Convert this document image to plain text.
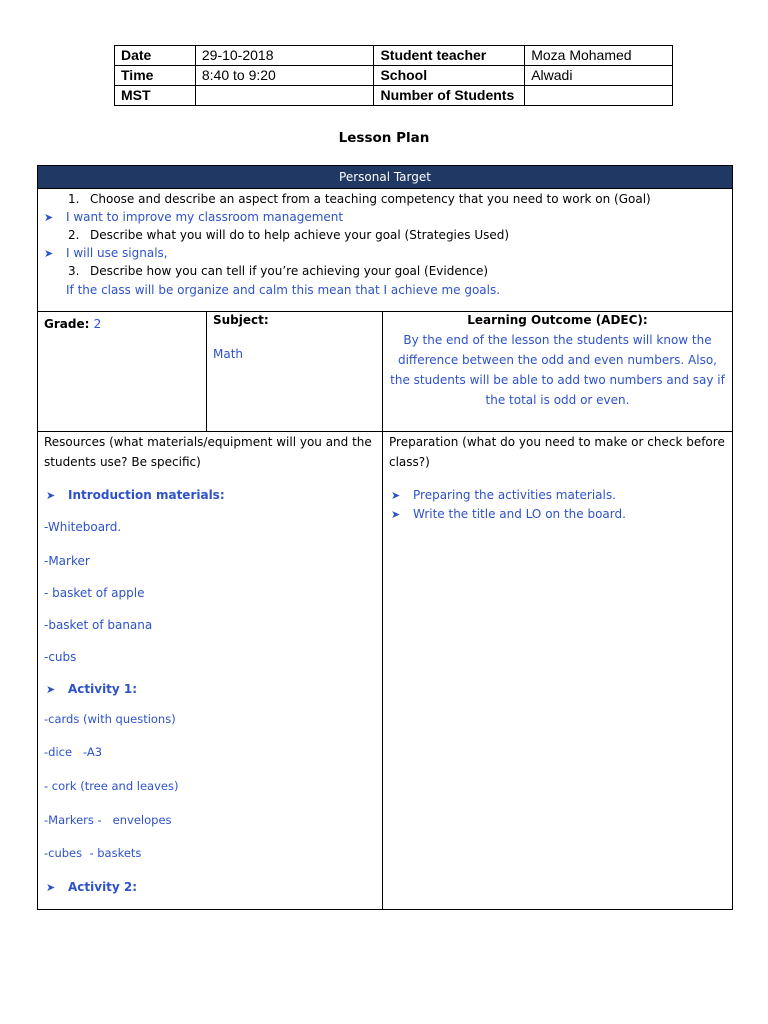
Date	29-10-2018	Student teacher	Moza Mohamed
Time	8:40 to 9:20	School	Alwadi
MST		Number of Students	
Lesson Plan
Personal Target
1. Choose and describe an aspect from a teaching competency that you need to work on (Goal)
➤ I want to improve my classroom management
2. Describe what you will do to help achieve your goal (Strategies Used)
➤ I will use signals,
3. Describe how you can tell if you’re achieving your goal (Evidence)
If the class will be organize and calm this mean that I achieve me goals.
Grade: 2	Subject:
Math
Learning Outcome (ADEC):
By the end of the lesson the students will know the
difference between the odd and even numbers. Also,
the students will be able to add two numbers and say if
the total is odd or even.
Resources (what materials/equipment will you and the
students use? Be specific)
➤ Introduction materials:
-Whiteboard.
-Marker
- basket of apple
-basket of banana
-cubs
➤ Activity 1:
-cards (with questions)
-dice   -A3
- cork (tree and leaves)
-Markers -   envelopes
-cubes  - baskets
➤ Activity 2:
Preparation (what do you need to make or check before
class?)
➤ Preparing the activities materials.
➤ Write the title and LO on the board.
